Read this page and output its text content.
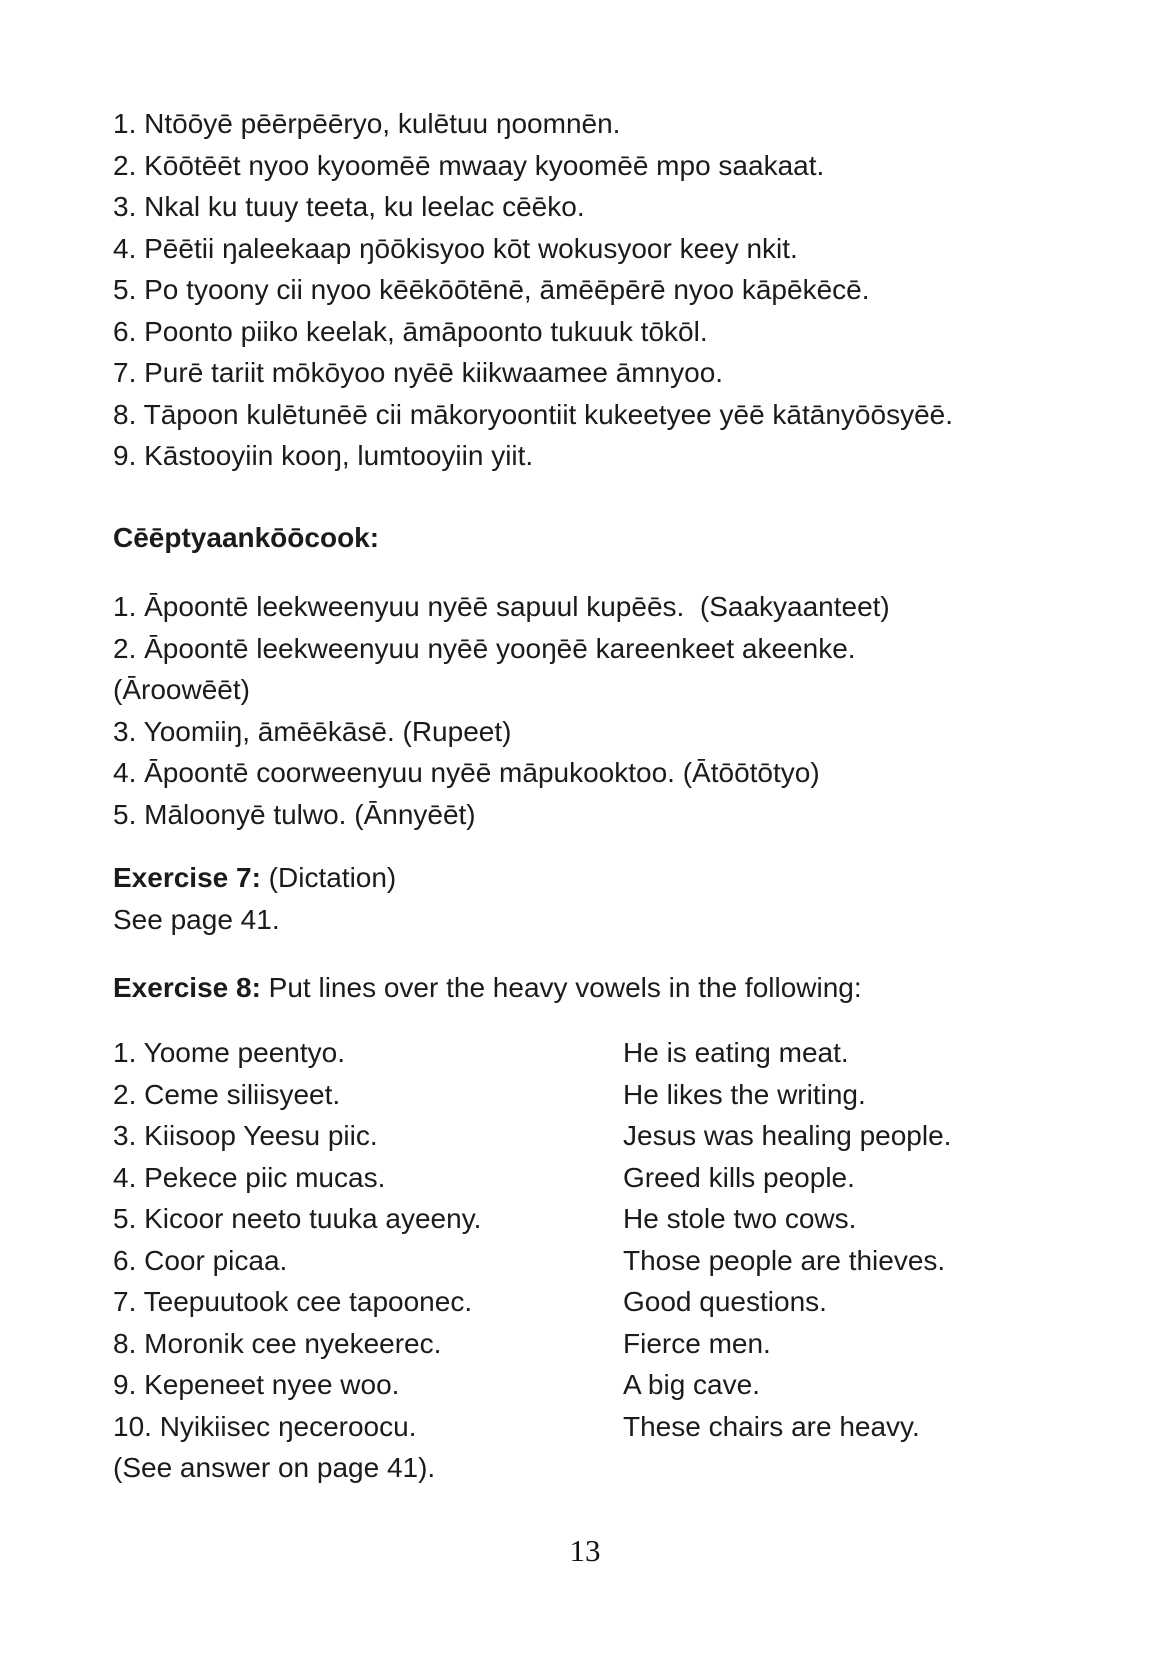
1. Ntōōyē pēērpēēryo, kulētuu ŋoomnēn.
2. Kōōtēēt nyoo kyoomēē mwaay kyoomēē mpo saakaat.
3. Nkal ku tuuy teeta, ku leelac cēēko.
4. Pēētii ŋaleekaap ŋōōkisyoo kōt wokusyoor keey nkit.
5. Po tyoony cii nyoo kēēkōōtēnē, āmēēpērē nyoo kāpēkēcē.
6. Poonto piiko keelak, āmāpoonto tukuuk tōkōl.
7. Purē tariit mōkōyoo nyēē kiikwaamee āmnyoo.
8. Tāpoon kulētunēē cii mākoryoontiit kukeetyee yēē kātānyōōsyēē.
9. Kāstooyiin kooŋ, lumtooyiin yiit.
Cēēptyaankōōcook:
1. Āpoontē leekweenyuu nyēē sapuul kupēēs.  (Saakyaanteet)
2. Āpoontē leekweenyuu nyēē yooŋēē kareenkeet akeenke.
(Āroowēēt)
3. Yoomiiŋ, āmēēkāsē. (Rupeet)
4. Āpoontē coorweenyuu nyēē māpukooktoo. (Ātōōtōtyo)
5. Māloonyē tulwo. (Ānnyēēt)
Exercise 7: (Dictation)
See page 41.
Exercise 8: Put lines over the heavy vowels in the following:
1. Yoome peentyo.	He is eating meat.
2. Ceme siliisyeet.	He likes the writing.
3. Kiisoop Yeesu piic.	Jesus was healing people.
4. Pekece piic mucas.	Greed kills people.
5. Kicoor neeto tuuka ayeeny.	He stole two cows.
6. Coor picaa.	Those people are thieves.
7. Teepuutook cee tapoonec.	Good questions.
8. Moronik cee nyekeerec.	Fierce men.
9. Kepeneet nyee woo.	A big cave.
10. Nyikiisec ŋeceroocu.	These chairs are heavy.
(See answer on page 41).
13
